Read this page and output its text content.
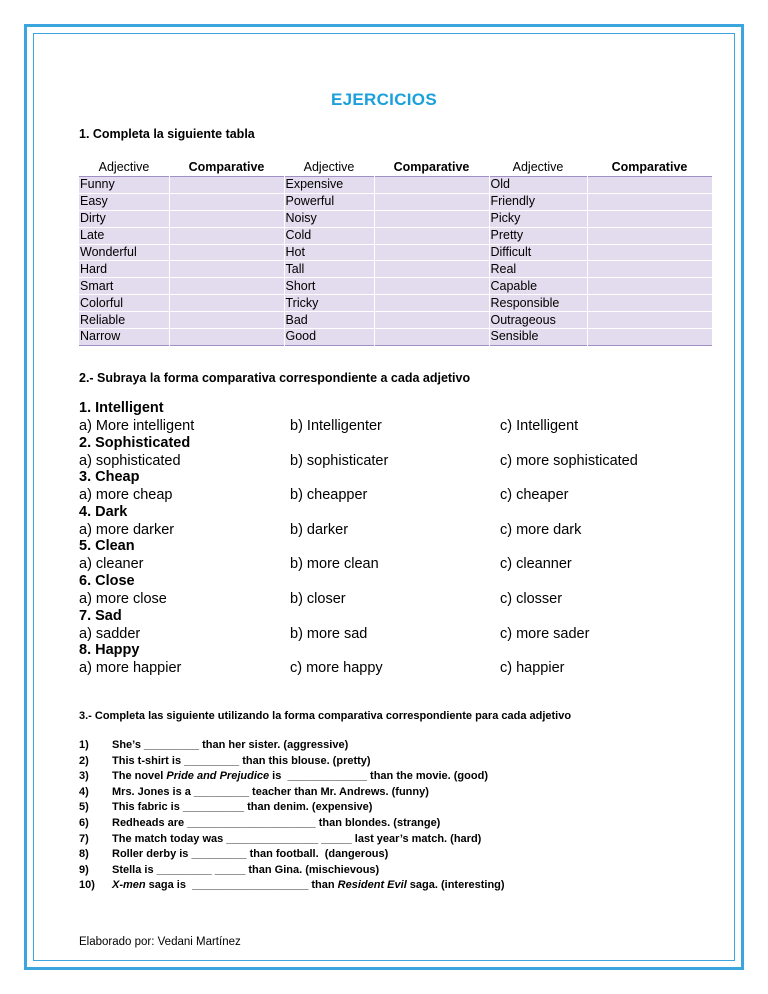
EJERCICIOS
1. Completa la siguiente tabla
Adjective	Comparative	Adjective	Comparative	Adjective	Comparative
Funny		Expensive		Old	
Easy		Powerful		Friendly	
Dirty		Noisy		Picky	
Late		Cold		Pretty	
Wonderful		Hot		Difficult	
Hard		Tall		Real	
Smart		Short		Capable	
Colorful		Tricky		Responsible	
Reliable		Bad		Outrageous	
Narrow		Good		Sensible	
2.- Subraya la forma comparativa correspondiente a cada adjetivo
1. Intelligent
a) More intelligent	b) Intelligenter	c) Intelligent
2. Sophisticated
a) sophisticated	b) sophisticater	c) more sophisticated
3. Cheap
a) more cheap	b) cheapper	c) cheaper
4. Dark
a) more darker	b) darker	c) more dark
5. Clean
a) cleaner	b) more clean	c) cleanner
6. Close
a) more close	b) closer	c) closser
7. Sad
a) sadder	b) more sad	c) more sader
8. Happy
a) more happier	c) more happy	c) happier
3.- Completa las siguiente utilizando la forma comparativa correspondiente para cada adjetivo
1) She’s _________ than her sister. (aggressive)
2) This t-shirt is _________ than this blouse. (pretty)
3) The novel Pride and Prejudice is  _____________ than the movie. (good)
4) Mrs. Jones is a _________ teacher than Mr. Andrews. (funny)
5) This fabric is __________ than denim. (expensive)
6) Redheads are _____________________ than blondes. (strange)
7) The match today was _______________ _____ last year’s match. (hard)
8) Roller derby is _________ than football.  (dangerous)
9) Stella is _________ _____ than Gina. (mischievous)
10) X-men saga is  ___________________ than Resident Evil saga. (interesting)
Elaborado por: Vedani Martínez
